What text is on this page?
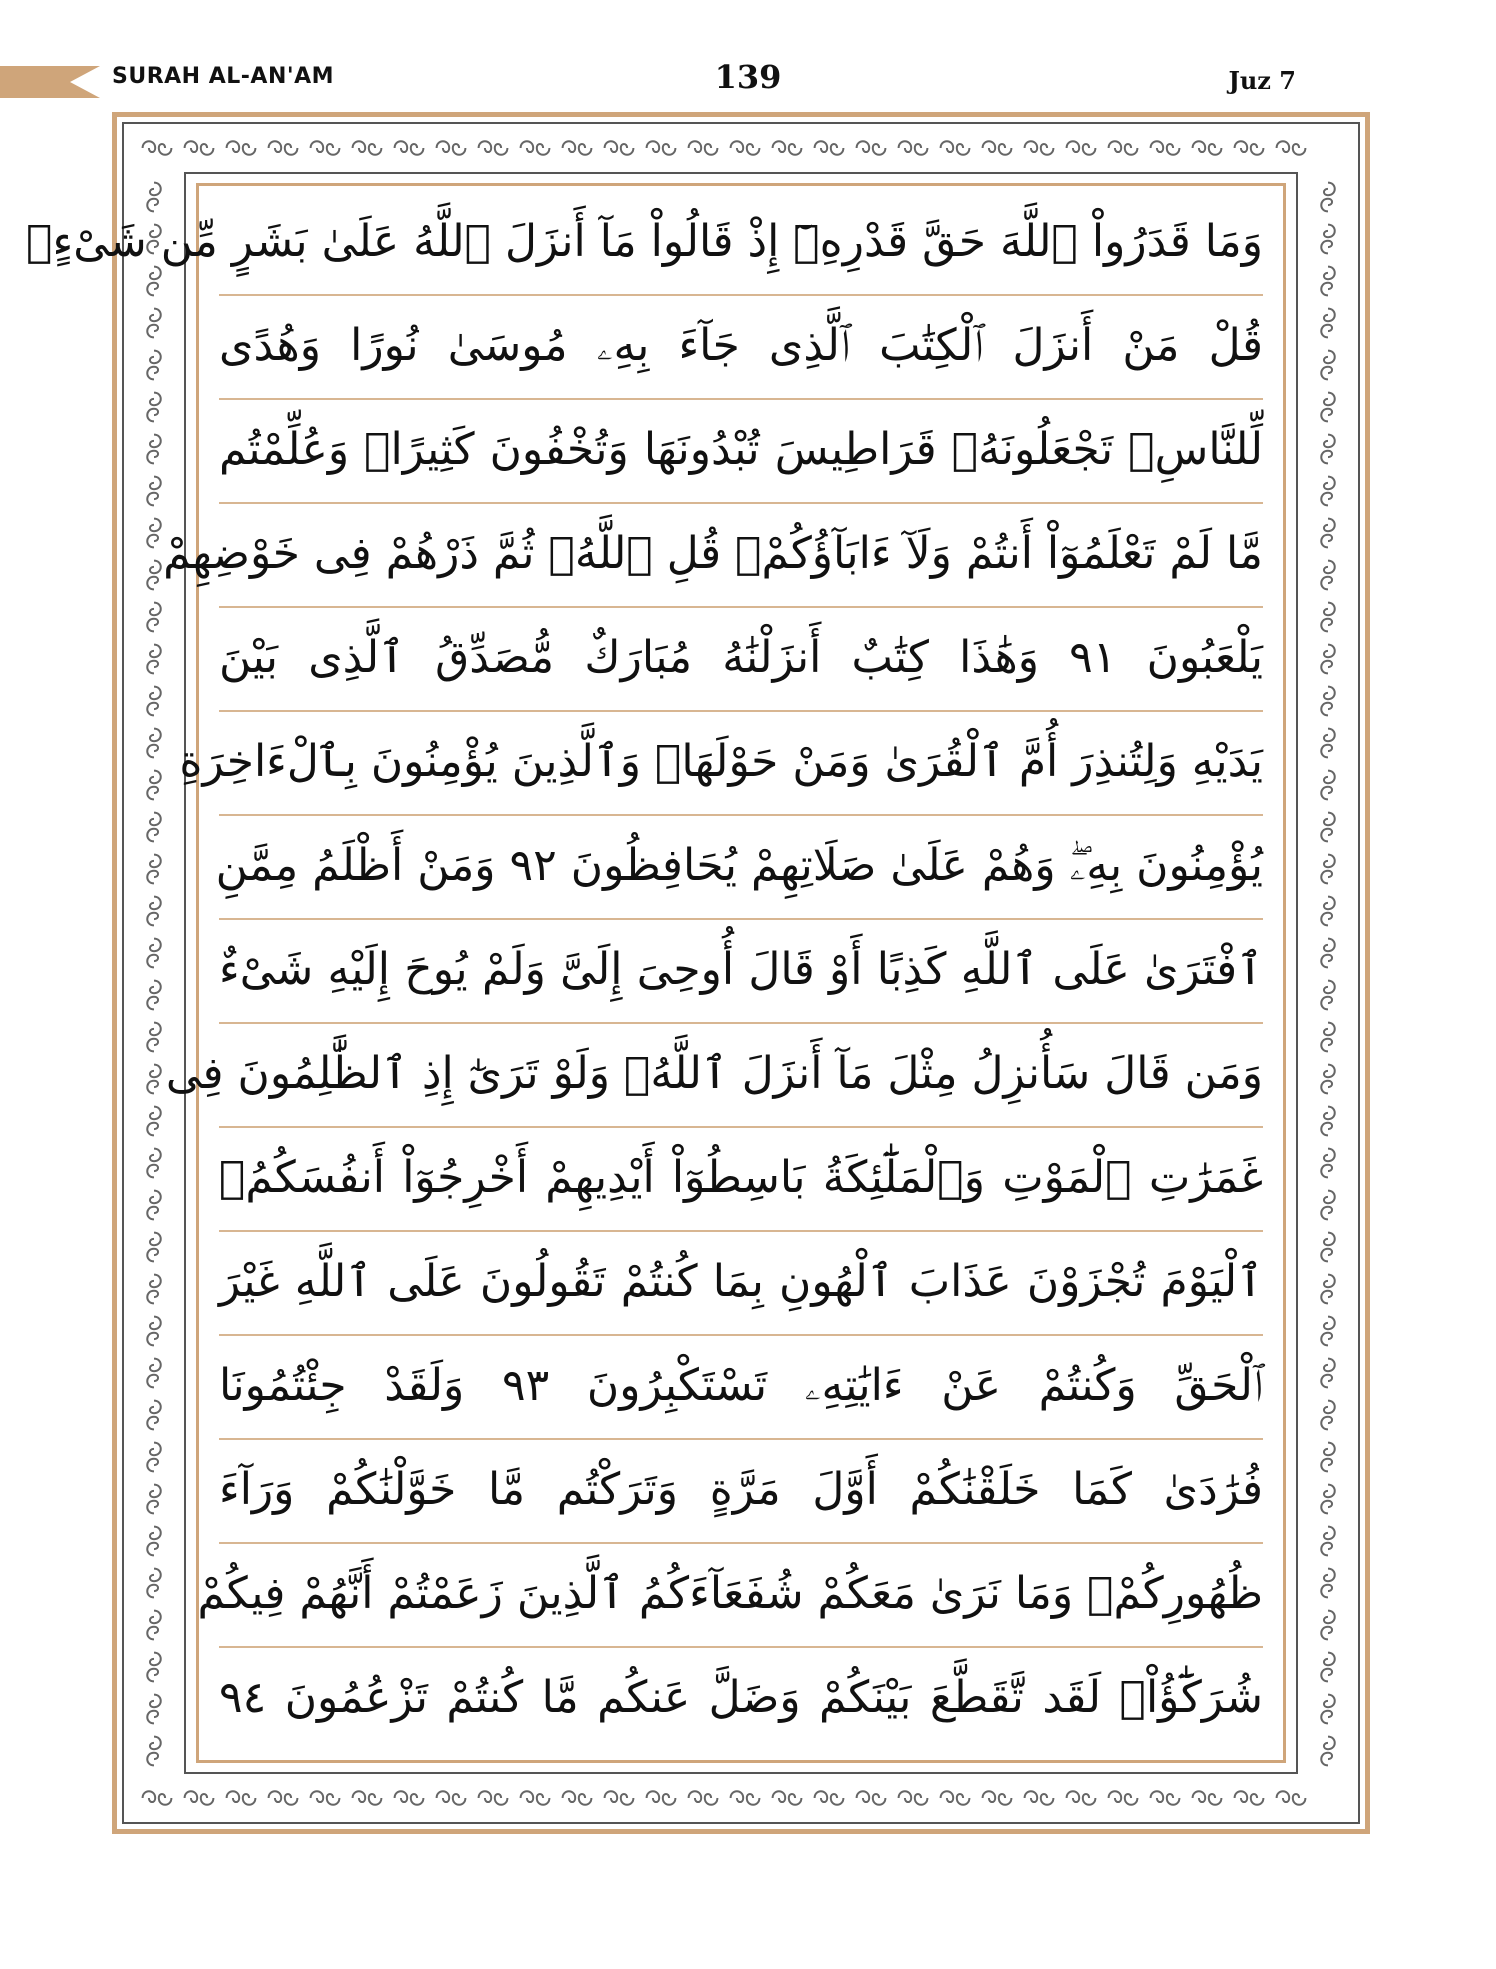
SURAH AL-AN'AM	139	Juz 7
وَمَا قَدَرُواْ ٱللَّهَ حَقَّ قَدْرِهِۦٓ إِذْ قَالُواْ مَآ أَنزَلَ ٱللَّهُ عَلَىٰ بَشَرٍ مِّن شَىْءٍۗ
قُلْ مَنْ أَنزَلَ ٱلْكِتَٰبَ ٱلَّذِى جَآءَ بِهِۦ مُوسَىٰ نُورًا وَهُدًى
لِّلنَّاسِۖ تَجْعَلُونَهُۥ قَرَاطِيسَ تُبْدُونَهَا وَتُخْفُونَ كَثِيرًاۖ وَعُلِّمْتُم
مَّا لَمْ تَعْلَمُوٓاْ أَنتُمْ وَلَآ ءَابَآؤُكُمْۖ قُلِ ٱللَّهُۖ ثُمَّ ذَرْهُمْ فِى خَوْضِهِمْ
يَلْعَبُونَ ٩١ وَهَٰذَا كِتَٰبٌ أَنزَلْنَٰهُ مُبَارَكٌ مُّصَدِّقُ ٱلَّذِى بَيْنَ
يَدَيْهِ وَلِتُنذِرَ أُمَّ ٱلْقُرَىٰ وَمَنْ حَوْلَهَاۚ وَٱلَّذِينَ يُؤْمِنُونَ بِٱلْءَاخِرَةِ
يُؤْمِنُونَ بِهِۦۖ وَهُمْ عَلَىٰ صَلَاتِهِمْ يُحَافِظُونَ ٩٢ وَمَنْ أَظْلَمُ مِمَّنِ
ٱفْتَرَىٰ عَلَى ٱللَّهِ كَذِبًا أَوْ قَالَ أُوحِىَ إِلَىَّ وَلَمْ يُوحَ إِلَيْهِ شَىْءٌ
وَمَن قَالَ سَأُنزِلُ مِثْلَ مَآ أَنزَلَ ٱللَّهُۗ وَلَوْ تَرَىٰٓ إِذِ ٱلظَّٰلِمُونَ فِى
غَمَرَٰتِ ٱلْمَوْتِ وَٱلْمَلَٰٓئِكَةُ بَاسِطُوٓاْ أَيْدِيهِمْ أَخْرِجُوٓاْ أَنفُسَكُمُۖ
ٱلْيَوْمَ تُجْزَوْنَ عَذَابَ ٱلْهُونِ بِمَا كُنتُمْ تَقُولُونَ عَلَى ٱللَّهِ غَيْرَ
ٱلْحَقِّ وَكُنتُمْ عَنْ ءَايَٰتِهِۦ تَسْتَكْبِرُونَ ٩٣ وَلَقَدْ جِئْتُمُونَا
فُرَٰدَىٰ كَمَا خَلَقْنَٰكُمْ أَوَّلَ مَرَّةٍ وَتَرَكْتُم مَّا خَوَّلْنَٰكُمْ وَرَآءَ
ظُهُورِكُمْۖ وَمَا نَرَىٰ مَعَكُمْ شُفَعَآءَكُمُ ٱلَّذِينَ زَعَمْتُمْ أَنَّهُمْ فِيكُمْ
شُرَكَٰٓؤُاْۚ لَقَد تَّقَطَّعَ بَيْنَكُمْ وَضَلَّ عَنكُم مَّا كُنتُمْ تَزْعُمُونَ ٩٤
